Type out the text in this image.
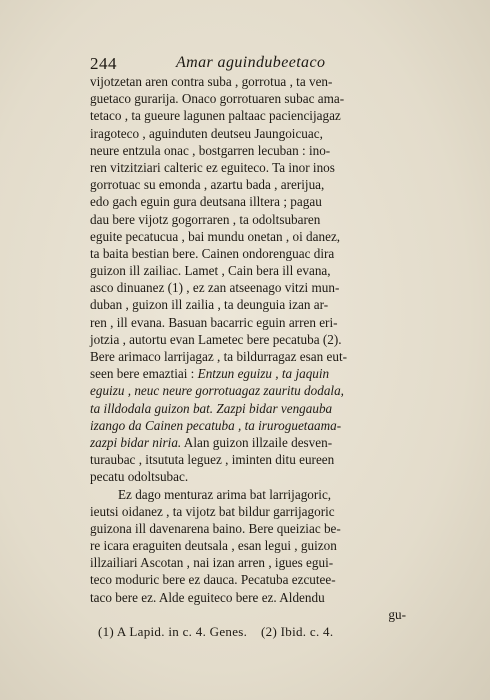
244	Amar aguindubeetaco
vijotzetan aren contra suba , gorrotua , ta ven-
guetaco gurarija. Onaco gorrotuaren subac ama-
tetaco , ta gueure lagunen paltaac paciencijagaz
iragoteco , aguinduten deutseu Jaungoicuac,
neure entzula onac , bostgarren lecuban : ino-
ren vitzitziari calteric ez eguiteco. Ta inor inos
gorrotuac su emonda , azartu bada , arerijua,
edo gach eguin gura deutsana illtera ; pagau
dau bere vijotz gogorraren , ta odoltsubaren
eguite pecatucua , bai mundu onetan , oi danez,
ta baita bestian bere. Cainen ondorenguac dira
guizon ill zailiac. Lamet , Cain bera ill evana,
asco dinuanez (1) , ez zan atseenago vitzi mun-
duban , guizon ill zailia , ta deunguia izan ar-
ren , ill evana. Basuan bacarric eguin arren eri-
jotzia , autortu evan Lametec bere pecatuba (2).
Bere arimaco larrijagaz , ta bildurragaz esan eut-
seen bere emaztiai : Entzun eguizu , ta jaquin
eguizu , neuc neure gorrotuagaz zauritu dodala,
ta illdodala guizon bat. Zazpi bidar vengauba
izango da Cainen pecatuba , ta iruroguetaama-
zazpi bidar niria. Alan guizon illzaile desven-
turaubac , itsututa leguez , iminten ditu eureen
pecatu odoltsubac.
Ez dago menturaz arima bat larrijagoric,
ieutsi oidanez , ta vijotz bat bildur garrijagoric
guizona ill davenarena baino. Bere queiziac be-
re icara eraguiten deutsala , esan legui , guizon
illzailiari Ascotan , nai izan arren , igues egui-
teco moduric bere ez dauca. Pecatuba ezcutee-
taco bere ez. Alde eguiteco bere ez. Aldendu
gu-
(1) A Lapid. in c. 4. Genes. (2) Ibid. c. 4.
